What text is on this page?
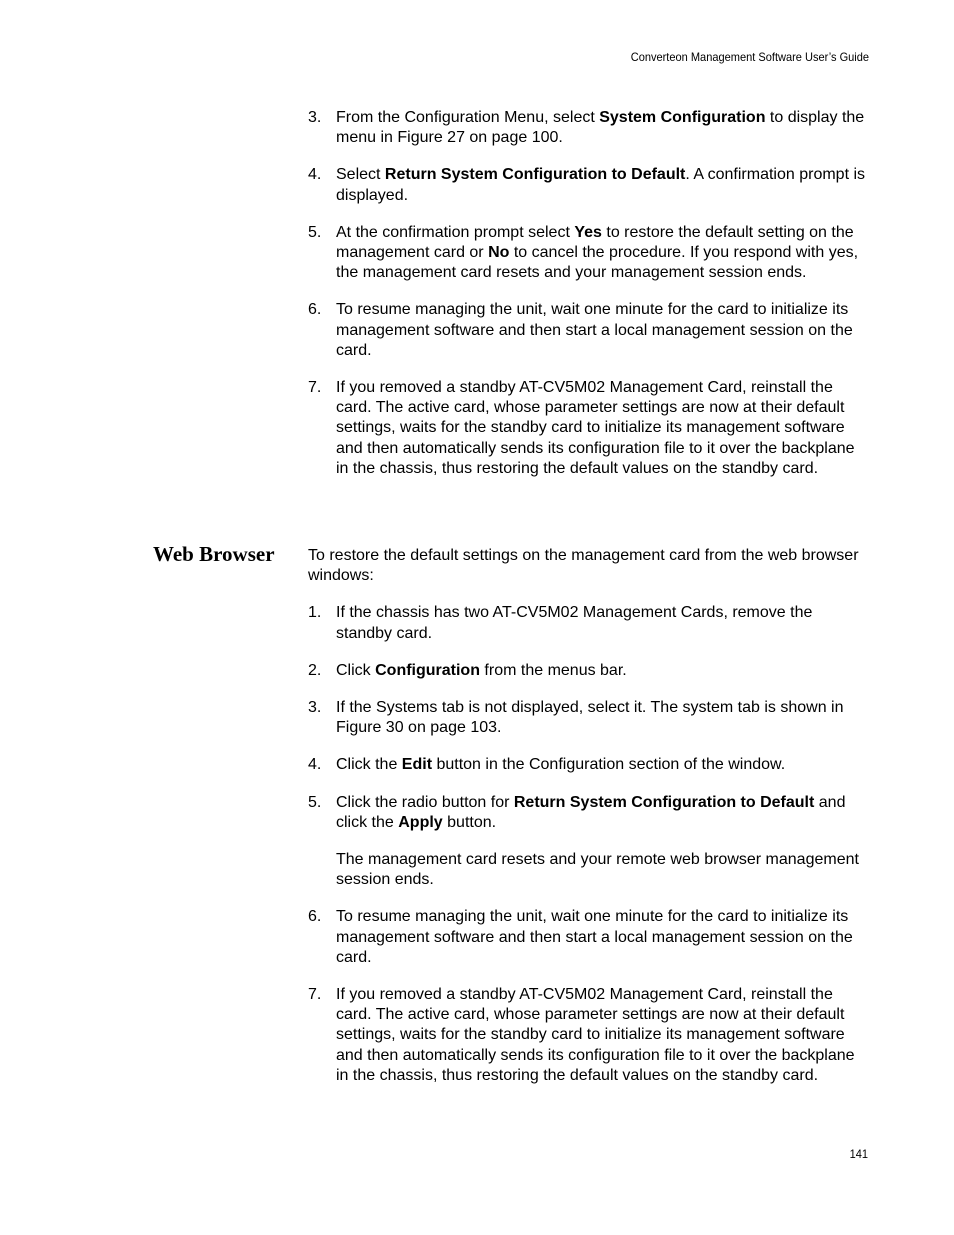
Converteon Management Software User’s Guide
3. From the Configuration Menu, select System Configuration to display the menu in Figure 27 on page 100.
4. Select Return System Configuration to Default. A confirmation prompt is displayed.
5. At the confirmation prompt select Yes to restore the default setting on the management card or No to cancel the procedure. If you respond with yes, the management card resets and your management session ends.
6. To resume managing the unit, wait one minute for the card to initialize its management software and then start a local management session on the card.
7. If you removed a standby AT-CV5M02 Management Card, reinstall the card. The active card, whose parameter settings are now at their default settings, waits for the standby card to initialize its management software and then automatically sends its configuration file to it over the backplane in the chassis, thus restoring the default values on the standby card.
Web Browser To restore the default settings on the management card from the web browser windows:
1. If the chassis has two AT-CV5M02 Management Cards, remove the standby card.
2. Click Configuration from the menus bar.
3. If the Systems tab is not displayed, select it. The system tab is shown in Figure 30 on page 103.
4. Click the Edit button in the Configuration section of the window.
5. Click the radio button for Return System Configuration to Default and click the Apply button.
The management card resets and your remote web browser management session ends.
6. To resume managing the unit, wait one minute for the card to initialize its management software and then start a local management session on the card.
7. If you removed a standby AT-CV5M02 Management Card, reinstall the card. The active card, whose parameter settings are now at their default settings, waits for the standby card to initialize its management software and then automatically sends its configuration file to it over the backplane in the chassis, thus restoring the default values on the standby card.
141
